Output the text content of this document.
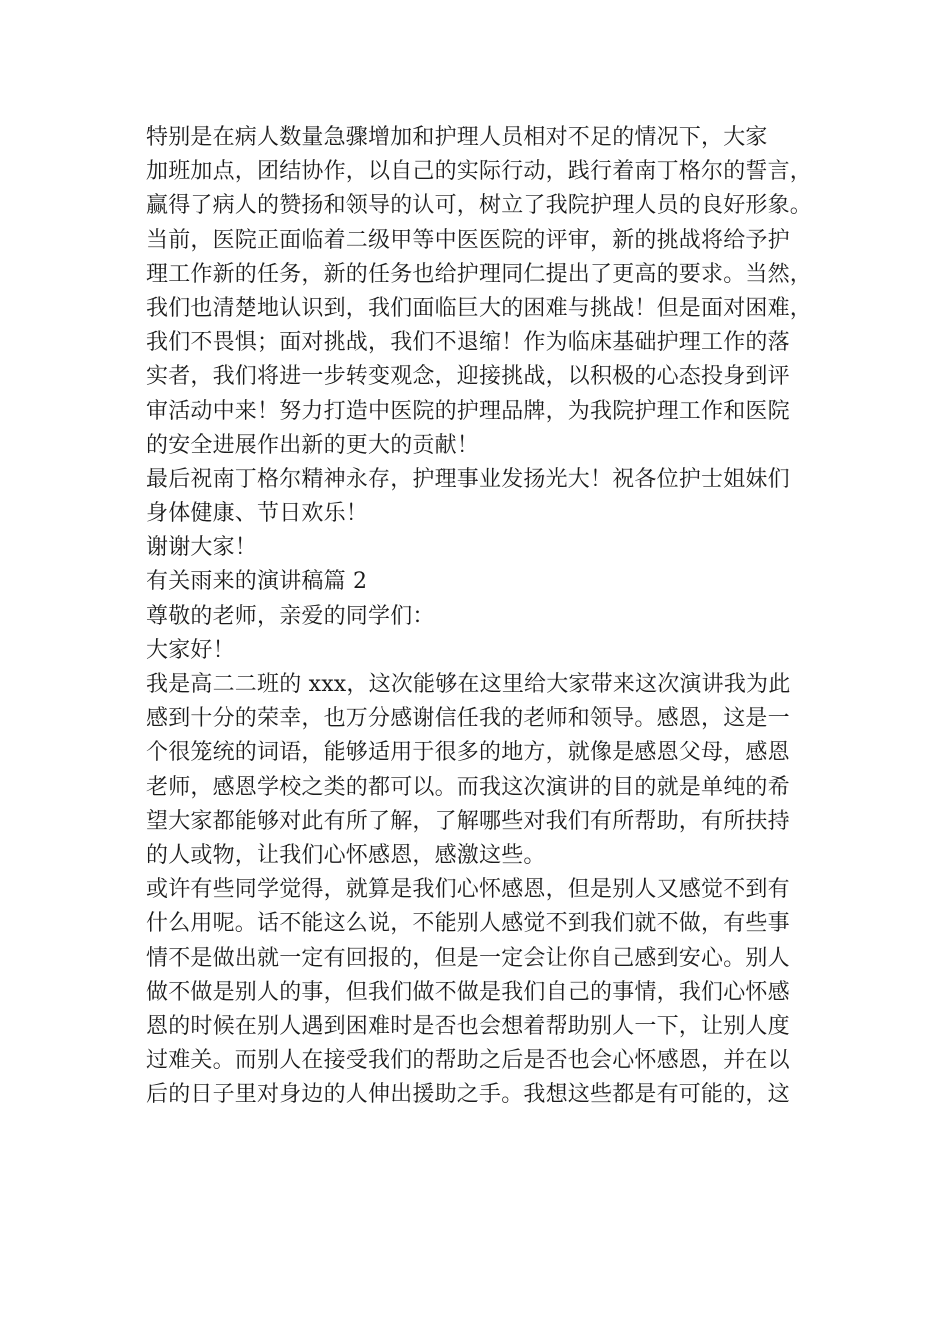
特别是在病人数量急骤增加和护理人员相对不足的情况下，大家
加班加点，团结协作，以自己的实际行动，践行着南丁格尔的誓言，
赢得了病人的赞扬和领导的认可，树立了我院护理人员的良好形象。
当前，医院正面临着二级甲等中医医院的评审，新的挑战将给予护
理工作新的任务，新的任务也给护理同仁提出了更高的要求。当然，
我们也清楚地认识到，我们面临巨大的困难与挑战！但是面对困难，
我们不畏惧；面对挑战，我们不退缩！作为临床基础护理工作的落
实者，我们将进一步转变观念，迎接挑战，以积极的心态投身到评
审活动中来！努力打造中医院的护理品牌，为我院护理工作和医院
的安全进展作出新的更大的贡献！
最后祝南丁格尔精神永存，护理事业发扬光大！祝各位护士姐妹们
身体健康、节日欢乐！
谢谢大家！
有关雨来的演讲稿篇 2
尊敬的老师，亲爱的同学们：
大家好！
我是高二二班的 xxx，这次能够在这里给大家带来这次演讲我为此
感到十分的荣幸，也万分感谢信任我的老师和领导。感恩，这是一
个很笼统的词语，能够适用于很多的地方，就像是感恩父母，感恩
老师，感恩学校之类的都可以。而我这次演讲的目的就是单纯的希
望大家都能够对此有所了解，了解哪些对我们有所帮助，有所扶持
的人或物，让我们心怀感恩，感激这些。
或许有些同学觉得，就算是我们心怀感恩，但是别人又感觉不到有
什么用呢。话不能这么说，不能别人感觉不到我们就不做，有些事
情不是做出就一定有回报的，但是一定会让你自己感到安心。别人
做不做是别人的事，但我们做不做是我们自己的事情，我们心怀感
恩的时候在别人遇到困难时是否也会想着帮助别人一下，让别人度
过难关。而别人在接受我们的帮助之后是否也会心怀感恩，并在以
后的日子里对身边的人伸出援助之手。我想这些都是有可能的，这
